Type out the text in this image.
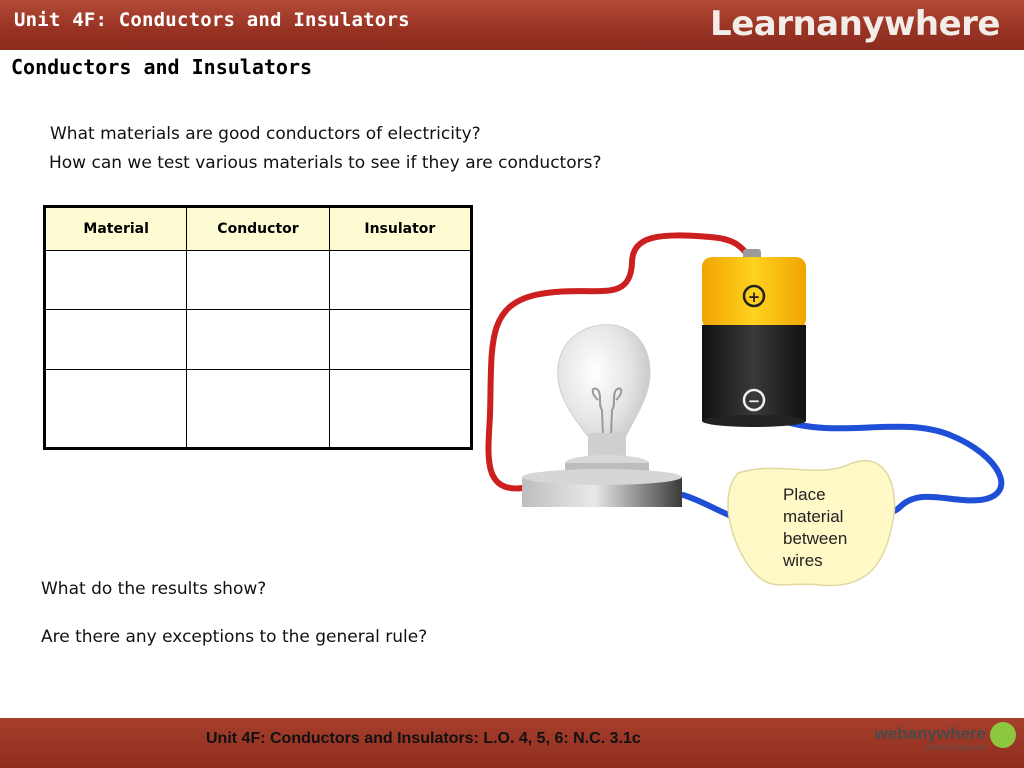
Unit 4F: Conductors and Insulators	Learnanywhere
Conductors and Insulators
What materials are good conductors of electricity?
How can we test various materials to see if they are conductors?
Material	Conductor	Insulator

Place
material
between
wires
+
−
What do the results show?
Are there any exceptions to the general rule?
Unit 4F: Conductors and Insulators: L.O. 4, 5, 6: N.C. 3.1c	webanywhere
stretch beyond
